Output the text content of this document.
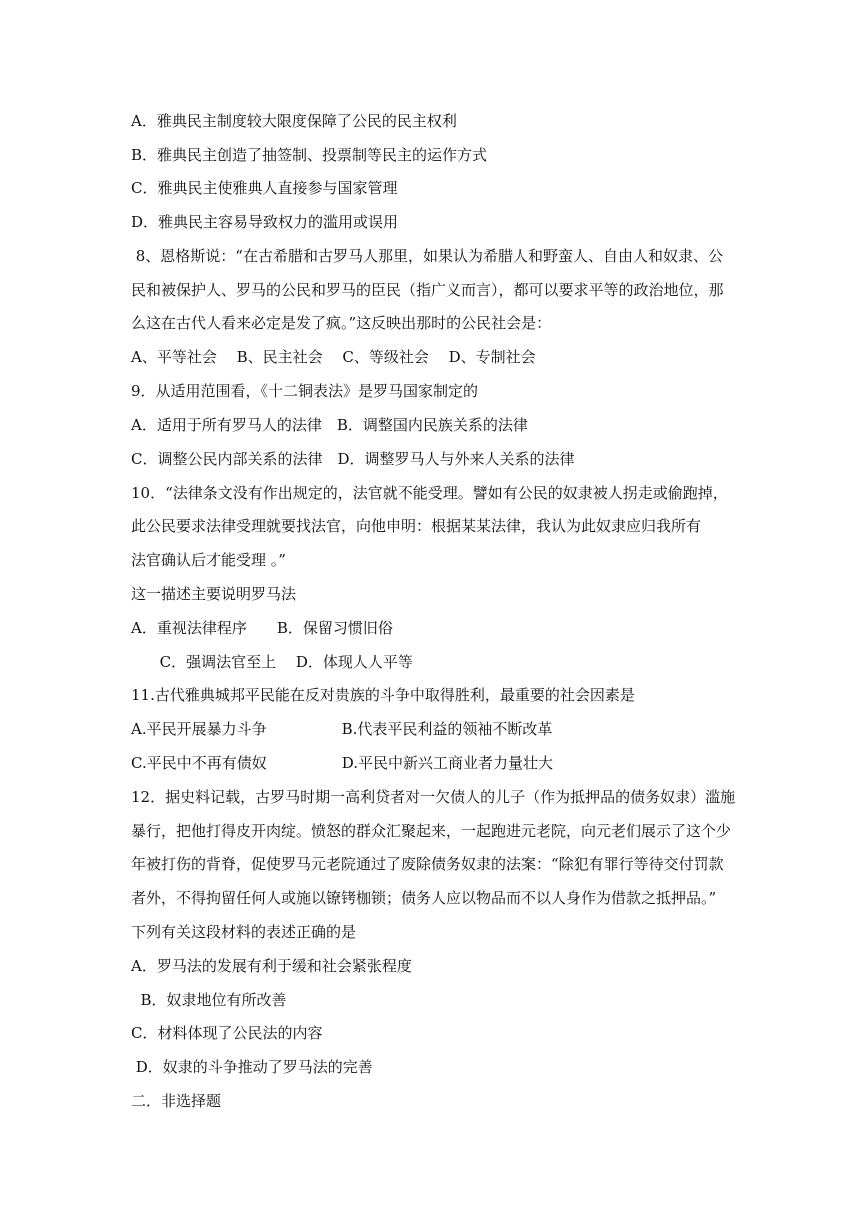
A．雅典民主制度较大限度保障了公民的民主权利
B．雅典民主创造了抽签制、投票制等民主的运作方式
C．雅典民主使雅典人直接参与国家管理
D．雅典民主容易导致权力的滥用或误用
8、恩格斯说：“在古希腊和古罗马人那里，如果认为希腊人和野蛮人、自由人和奴隶、公
民和被保护人、罗马的公民和罗马的臣民（指广义而言），都可以要求平等的政治地位，那
么这在古代人看来必定是发了疯。”这反映出那时的公民社会是：
A、平等社会　 B、民主社会　 C、等级社会　 D、专制社会
9．从适用范围看，《十二铜表法》是罗马国家制定的
A．适用于所有罗马人的法律　B．调整国内民族关系的法律
C．调整公民内部关系的法律　D．调整罗马人与外来人关系的法律
10．“法律条文没有作出规定的，法官就不能受理。譬如有公民的奴隶被人拐走或偷跑掉，
此公民要求法律受理就要找法官，向他申明：根据某某法律，我认为此奴隶应归我所有
法官确认后才能受理 。”
这一描述主要说明罗马法
A．重视法律程序　　B．保留习惯旧俗
C．强调法官至上　 D．体现人人平等
11.古代雅典城邦平民能在反对贵族的斗争中取得胜利，最重要的社会因素是
A.平民开展暴力斗争　　　　　B.代表平民利益的领袖不断改革
C.平民中不再有债奴　　　　　D.平民中新兴工商业者力量壮大
12．据史料记载，古罗马时期一高利贷者对一欠债人的儿子（作为抵押品的债务奴隶）滥施
暴行，把他打得皮开肉绽。愤怒的群众汇聚起来，一起跑进元老院，向元老们展示了这个少
年被打伤的背脊，促使罗马元老院通过了废除债务奴隶的法案：“除犯有罪行等待交付罚款
者外，不得拘留任何人或施以镣铐枷锁；债务人应以物品而不以人身作为借款之抵押品。”
下列有关这段材料的表述正确的是
A．罗马法的发展有利于缓和社会紧张程度
B．奴隶地位有所改善
C．材料体现了公民法的内容
D．奴隶的斗争推动了罗马法的完善
二．非选择题
